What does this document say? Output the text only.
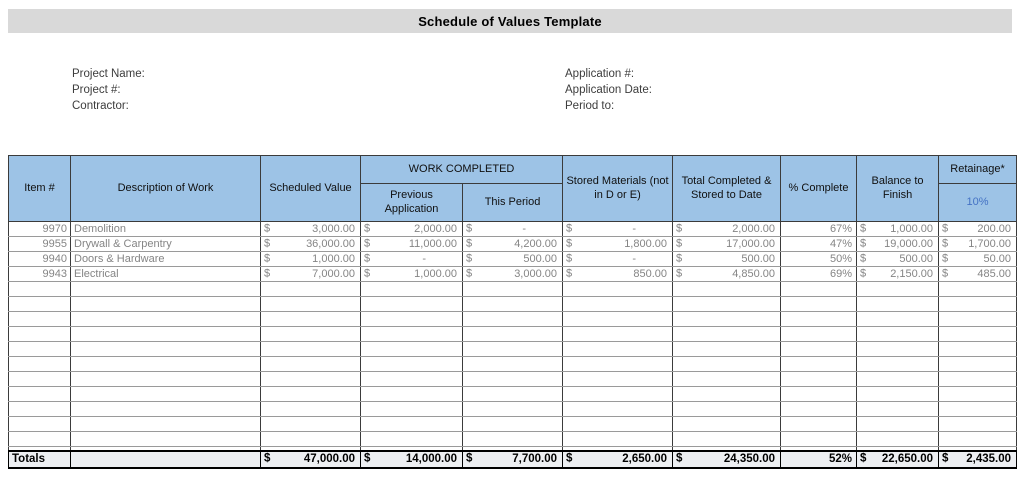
Schedule of Values Template
Project Name:
Project #:
Contractor:
Application #:
Application Date:
Period to:
Item #	Description of Work	Scheduled Value	WORK COMPLETED		Stored Materials (not in D or E)	Total Completed & Stored to Date	% Complete	Balance to Finish	Retainage*
			Previous Application	This Period					10%
9970	Demolition	$ 3,000.00	$ 2,000.00	$ -	$ -	$ 2,000.00	67%	$ 1,000.00	$ 200.00

9955	Drywall & Carpentry	$ 36,000.00	$ 11,000.00	$ 4,200.00	$ 1,800.00	$ 17,000.00	47%	$ 19,000.00	$ 1,700.00

9940	Doors & Hardware	$ 1,000.00	$ -	$ 500.00	$ -	$ 500.00	50%	$ 500.00	$ 50.00

9943	Electrical	$ 7,000.00	$ 1,000.00	$ 3,000.00	$ 850.00	$ 4,850.00	69%	$ 2,150.00	$ 485.00

Totals		$ 47,000.00	$ 14,000.00	$ 7,700.00	$ 2,650.00	$ 24,350.00	52%	$ 22,650.00	$ 2,435.00
